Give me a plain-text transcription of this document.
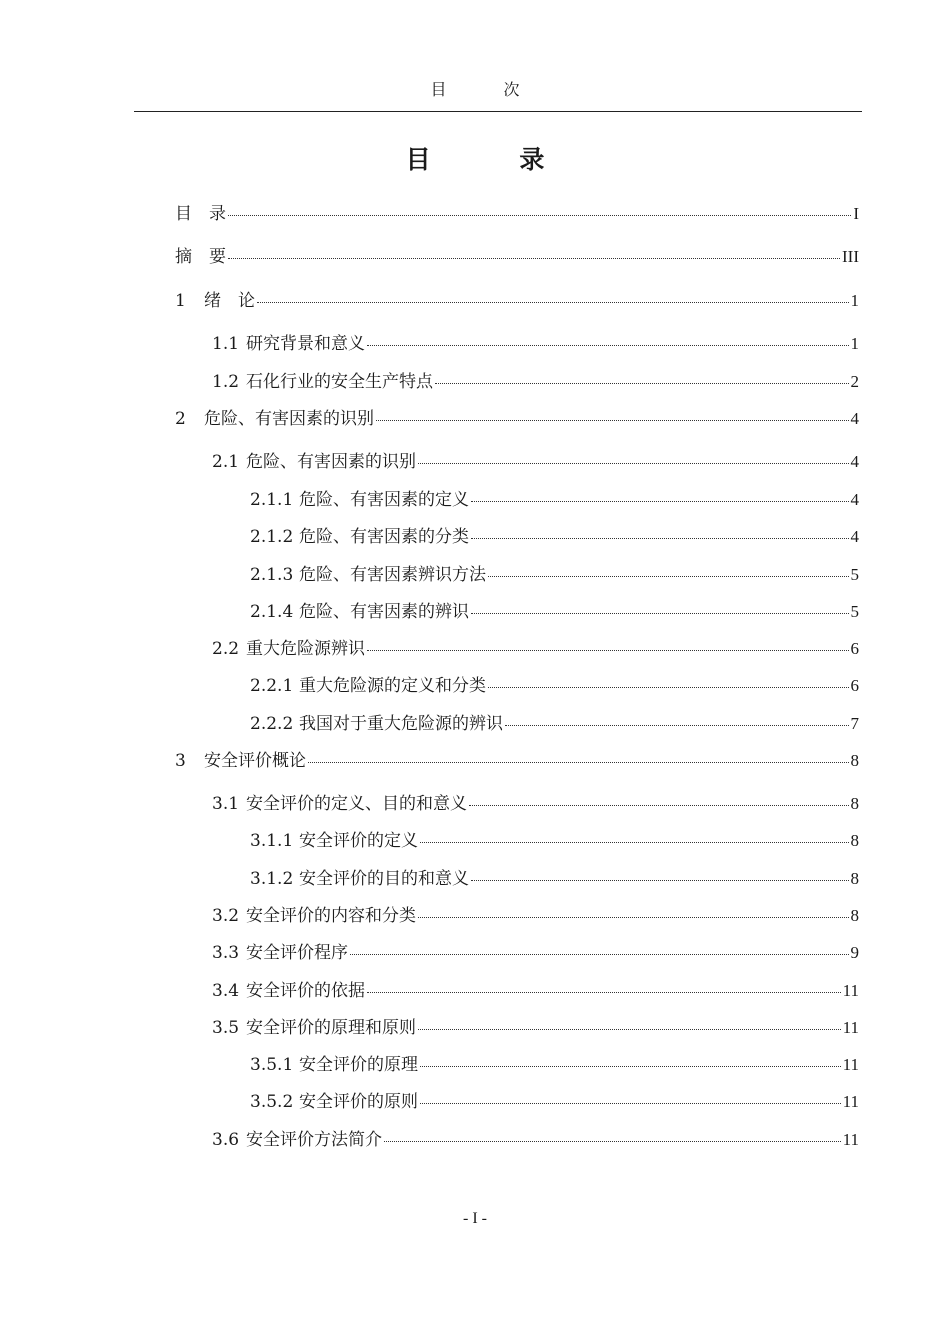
目 次
目 录
目　录	I
摘　要	III
1	绪　论	1
1.1 研究背景和意义	1
1.2 石化行业的安全生产特点	2
2	危险、有害因素的识别	4
2.1 危险、有害因素的识别	4
2.1.1 危险、有害因素的定义	4
2.1.2 危险、有害因素的分类	4
2.1.3 危险、有害因素辨识方法	5
2.1.4 危险、有害因素的辨识	5
2.2 重大危险源辨识	6
2.2.1 重大危险源的定义和分类	6
2.2.2 我国对于重大危险源的辨识	7
3	安全评价概论	8
3.1 安全评价的定义、目的和意义	8
3.1.1 安全评价的定义	8
3.1.2 安全评价的目的和意义	8
3.2 安全评价的内容和分类	8
3.3 安全评价程序	9
3.4 安全评价的依据	11
3.5 安全评价的原理和原则	11
3.5.1 安全评价的原理	11
3.5.2 安全评价的原则	11
3.6 安全评价方法简介	11
- I -
